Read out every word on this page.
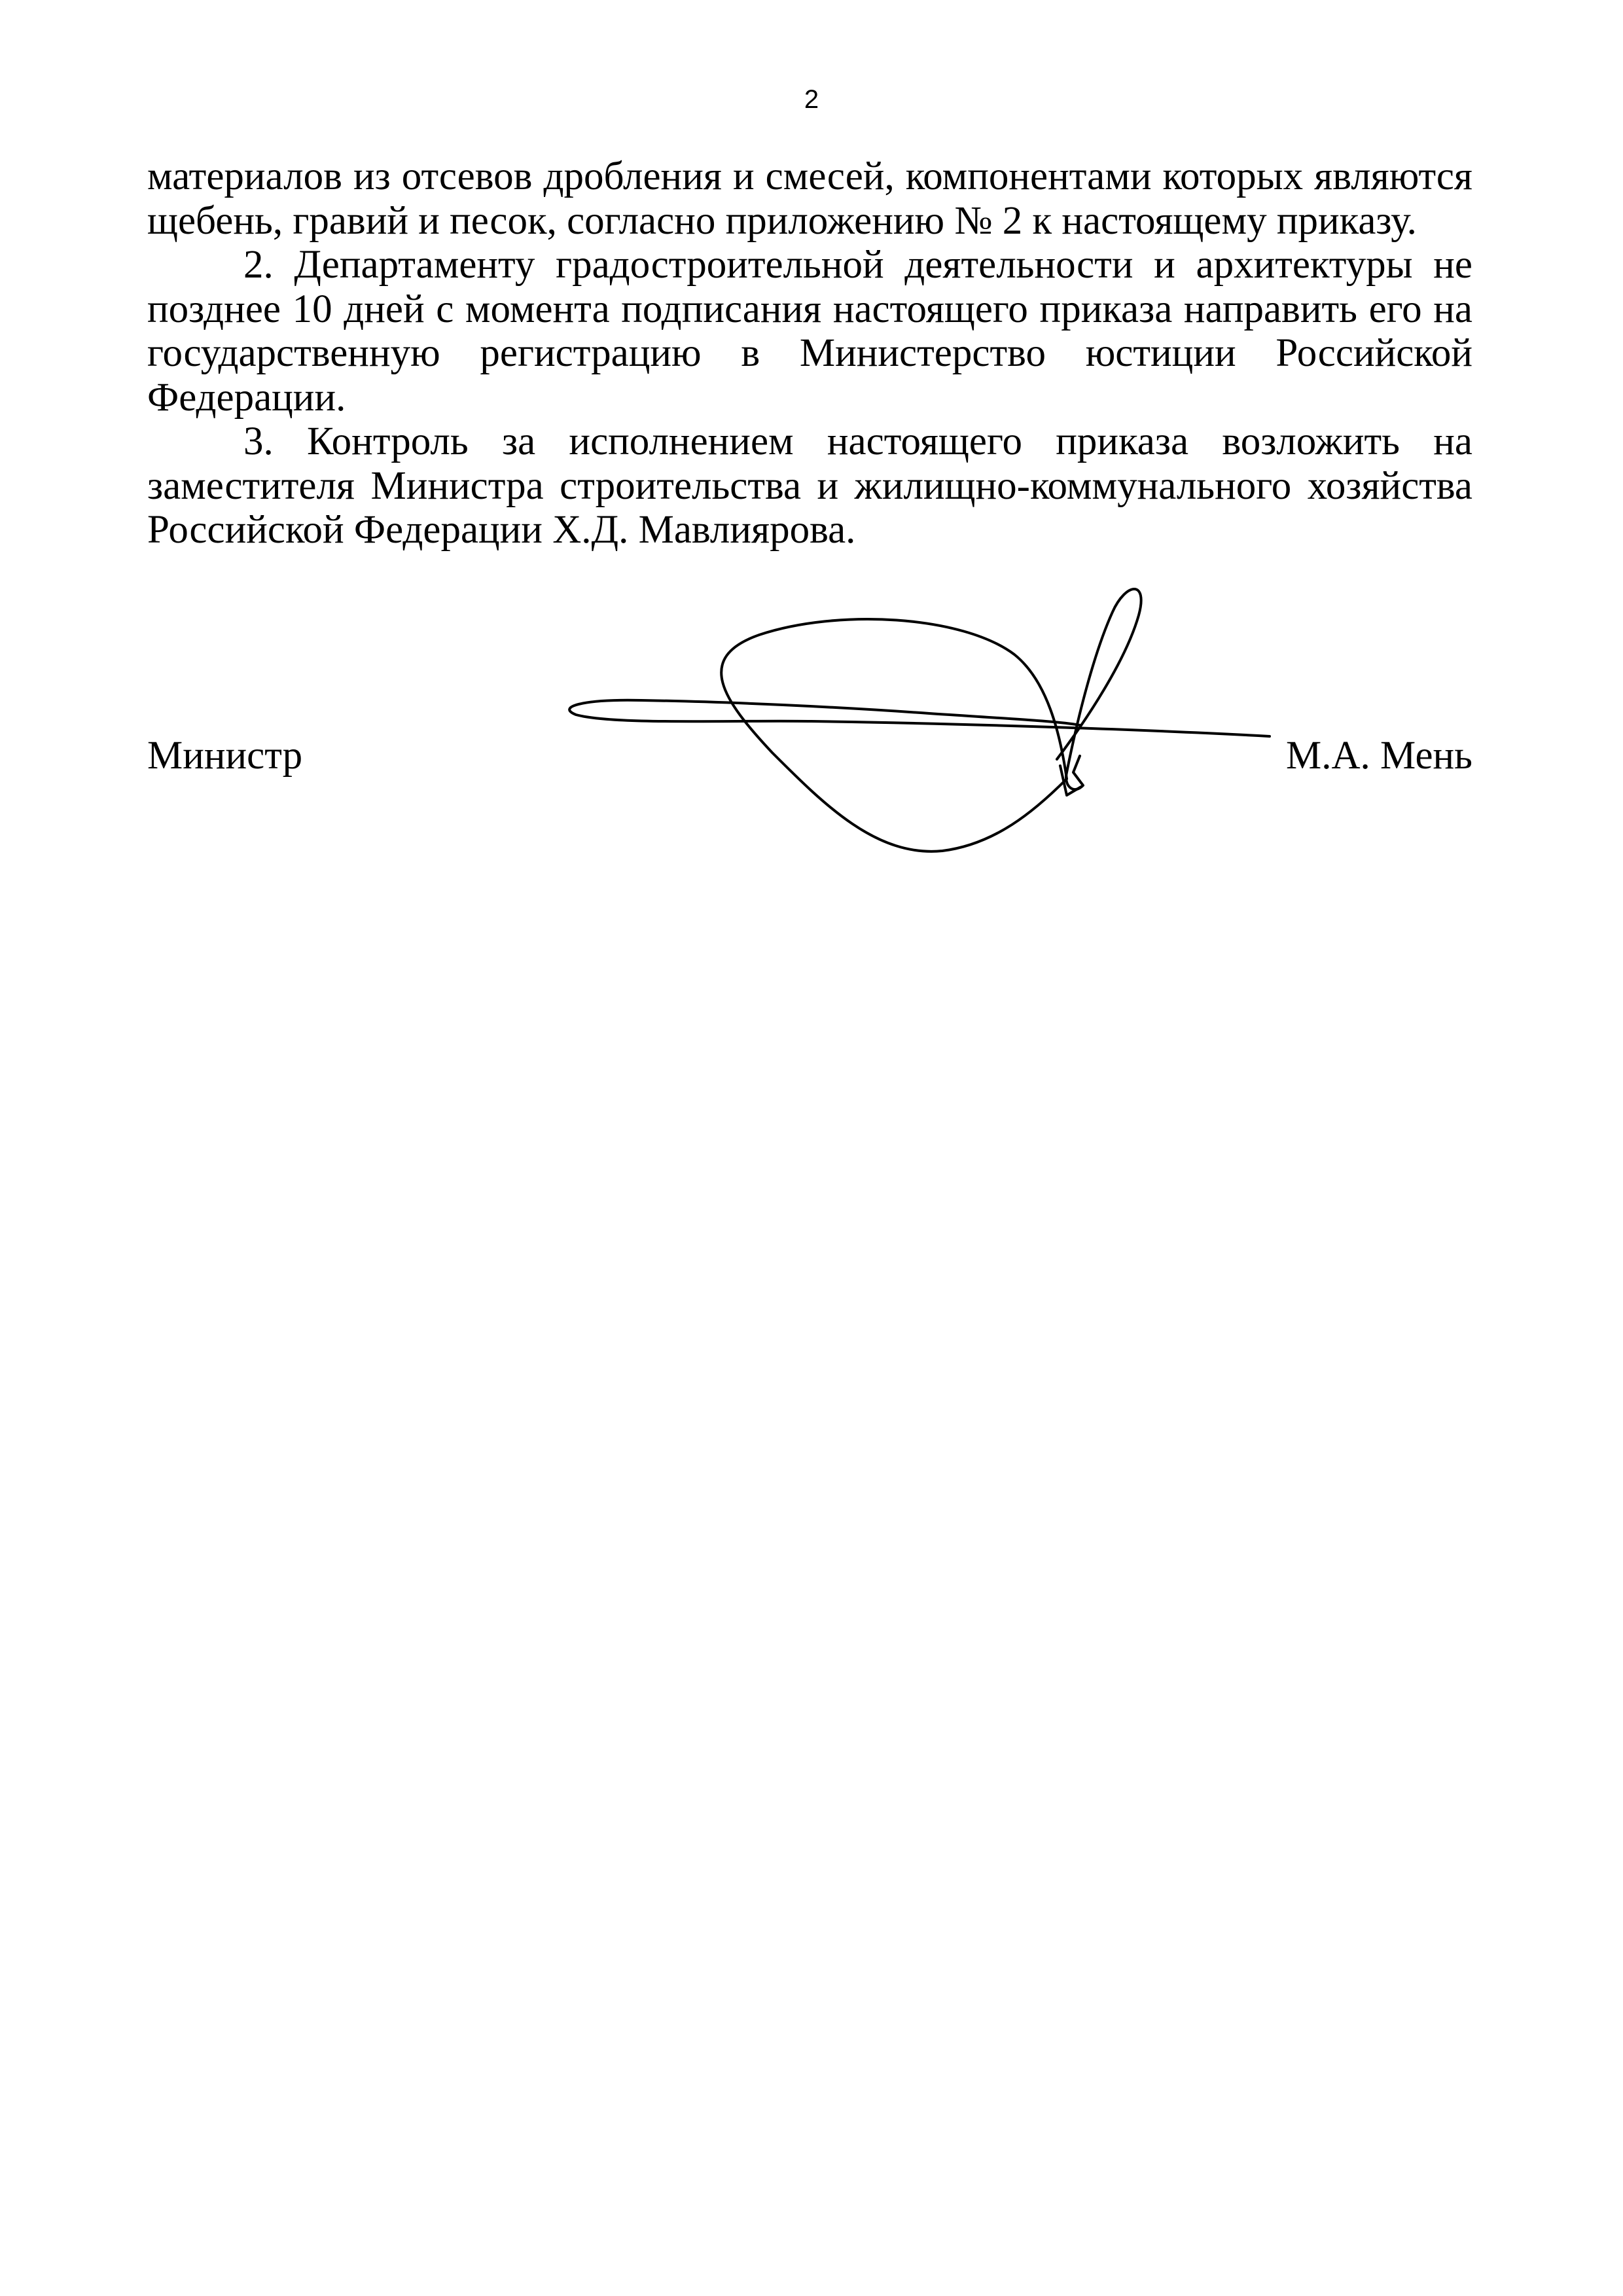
2

материалов из отсевов дробления и смесей, компонентами которых являются щебень, гравий и песок, согласно приложению № 2 к настоящему приказу.

2. Департаменту градостроительной деятельности и архитектуры не позднее 10 дней с момента подписания настоящего приказа направить его на государственную регистрацию в Министерство юстиции Российской Федерации.

3. Контроль за исполнением настоящего приказа возложить на заместителя Министра строительства и жилищно-коммунального хозяйства Российской Федерации Х.Д. Мавлиярова.

Министр	М.А. Мень
